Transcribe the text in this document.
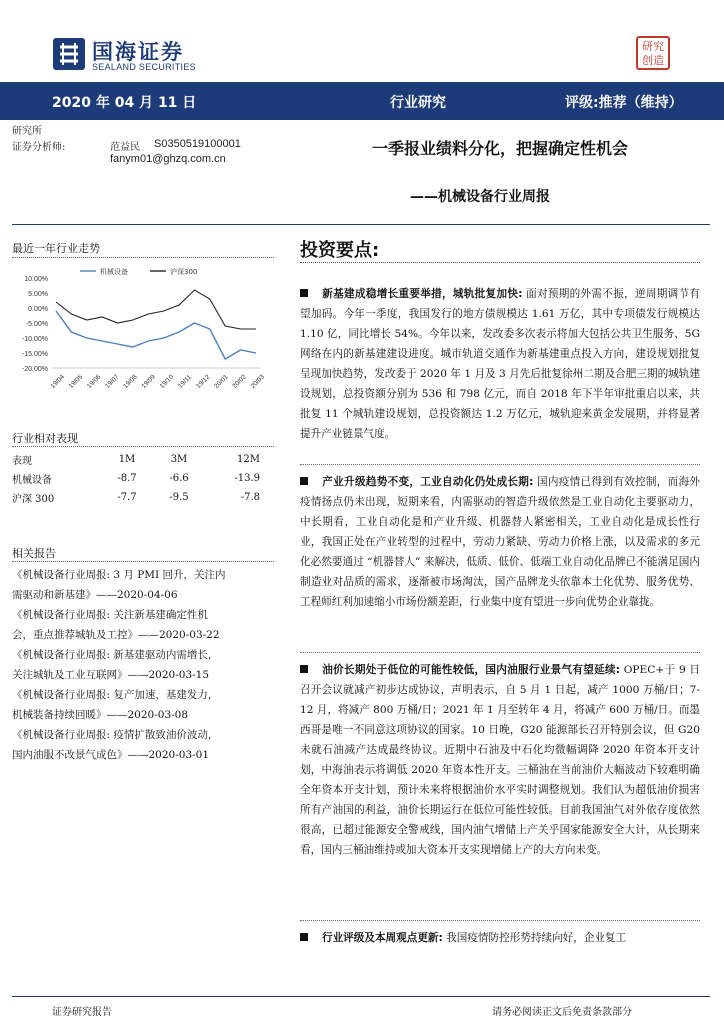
国海证券
SEALAND SECURITIES
研究
创造
2020 年 04 月 11 日	行业研究	评级:推荐（维持）
研究所
证券分析师:	范益民 S0350519100001
fanym01@ghzq.com.cn
一季报业绩料分化，把握确定性机会
——机械设备行业周报
最近一年行业走势
10.00%
5.00%
0.00%
-5.00%
-10.00%
-15.00%
-20.00%
19/04 19/05 19/06 19/07 19/08 19/09 19/10 19/11 19/12 20/01 20/02 20/03
机械设备	沪深300
行业相对表现
表现	1M	3M	12M
机械设备	-8.7	-6.6	-13.9
沪深 300	-7.7	-9.5	-7.8
相关报告
《机械设备行业周报: 3 月 PMI 回升，关注内
需驱动和新基建》——2020-04-06
《机械设备行业周报: 关注新基建确定性机
会，重点推荐城轨及工控》——2020-03-22
《机械设备行业周报: 新基建驱动内需增长，
关注城轨及工业互联网》——2020-03-15
《机械设备行业周报: 复产加速，基建发力，
机械装备持续回暖》——2020-03-08
《机械设备行业周报: 疫情扩散致油价波动，
国内油服不改景气成色》——2020-03-01
投资要点:
新基建成稳增长重要举措，城轨批复加快: 面对预期的外需不振，逆周期调节有望加码。今年一季度，我国发行的地方债规模达 1.61 万亿，其中专项债发行规模达 1.10 亿，同比增长 54%。今年以来，发改委多次表示将加大包括公共卫生服务、5G 网络在内的新基建建设进度。城市轨道交通作为新基建重点投入方向，建设规划批复呈现加快趋势，发改委于 2020 年 1 月及 3 月先后批复徐州二期及合肥三期的城轨建设规划，总投资额分别为 536 和 798 亿元，而自 2018 年下半年审批重启以来，共批复 11 个城轨建设规划，总投资额达 1.2 万亿元，城轨迎来黄金发展期，并将显著提升产业链景气度。
产业升级趋势不变，工业自动化仍处成长期: 国内疫情已得到有效控制，而海外疫情扬点仍未出现，短期来看，内需驱动的智造升级依然是工业自动化主要驱动力，中长期看，工业自动化是和产业升级、机器替人紧密相关，工业自动化是成长性行业，我国正处在产业转型的过程中，劳动力紧缺、劳动力价格上涨，以及需求的多元化必然要通过 “机器替人” 来解决，低质、低价、低端工业自动化品牌已不能满足国内制造业对品质的需求，逐渐被市场淘汰，国产品牌龙头依靠本土化优势、服务优势、工程师红利加速缩小市场份额差距，行业集中度有望进一步向优势企业靠拢。
油价长期处于低位的可能性较低，国内油服行业景气有望延续: OPEC+于 9 日召开会议就减产初步达成协议，声明表示，自 5 月 1 日起，减产 1000 万桶/日；7-12 月，将减产 800 万桶/日；2021 年 1 月至转年 4 月，将减产 600 万桶/日。而墨西哥是唯一不同意这项协议的国家。10 日晚，G20 能源部长召开特别会议，但 G20 未就石油减产达成最终协议。近期中石油及中石化均微幅调降 2020 年资本开支计划，中海油表示将调低 2020 年资本性开支。三桶油在当前油价大幅波动下较难明确全年资本开支计划，预计未来将根据油价水平实时调整规划。我们认为超低油价损害所有产油国的利益，油价长期运行在低位可能性较低。目前我国油气对外依存度依然很高，已超过能源安全警戒线，国内油气增储上产关乎国家能源安全大计，从长期来看，国内三桶油维持或加大资本开支实现增储上产的大方向未变。
行业评级及本周观点更新: 我国疫情防控形势持续向好，企业复工
证券研究报告	请务必阅读正文后免责条款部分
